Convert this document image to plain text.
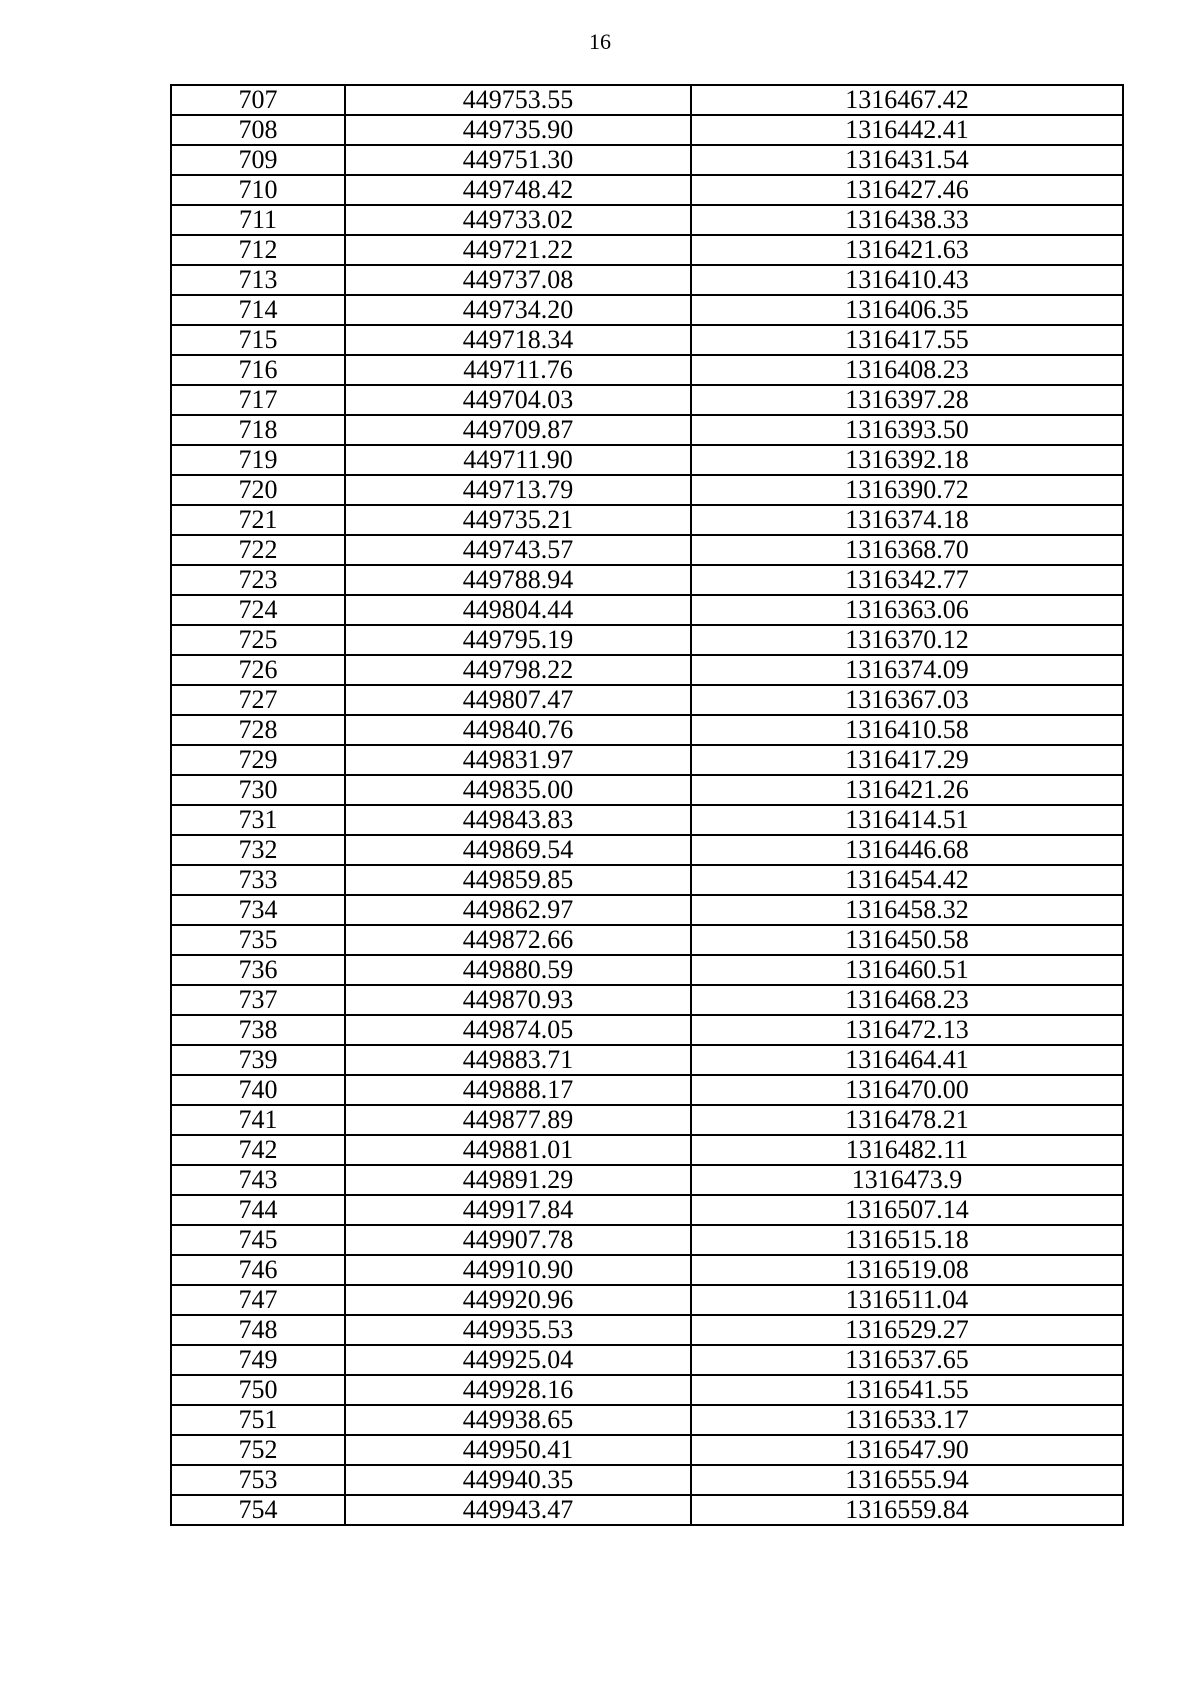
16
707	449753.55	1316467.42
708	449735.90	1316442.41
709	449751.30	1316431.54
710	449748.42	1316427.46
711	449733.02	1316438.33
712	449721.22	1316421.63
713	449737.08	1316410.43
714	449734.20	1316406.35
715	449718.34	1316417.55
716	449711.76	1316408.23
717	449704.03	1316397.28
718	449709.87	1316393.50
719	449711.90	1316392.18
720	449713.79	1316390.72
721	449735.21	1316374.18
722	449743.57	1316368.70
723	449788.94	1316342.77
724	449804.44	1316363.06
725	449795.19	1316370.12
726	449798.22	1316374.09
727	449807.47	1316367.03
728	449840.76	1316410.58
729	449831.97	1316417.29
730	449835.00	1316421.26
731	449843.83	1316414.51
732	449869.54	1316446.68
733	449859.85	1316454.42
734	449862.97	1316458.32
735	449872.66	1316450.58
736	449880.59	1316460.51
737	449870.93	1316468.23
738	449874.05	1316472.13
739	449883.71	1316464.41
740	449888.17	1316470.00
741	449877.89	1316478.21
742	449881.01	1316482.11
743	449891.29	1316473.9
744	449917.84	1316507.14
745	449907.78	1316515.18
746	449910.90	1316519.08
747	449920.96	1316511.04
748	449935.53	1316529.27
749	449925.04	1316537.65
750	449928.16	1316541.55
751	449938.65	1316533.17
752	449950.41	1316547.90
753	449940.35	1316555.94
754	449943.47	1316559.84
